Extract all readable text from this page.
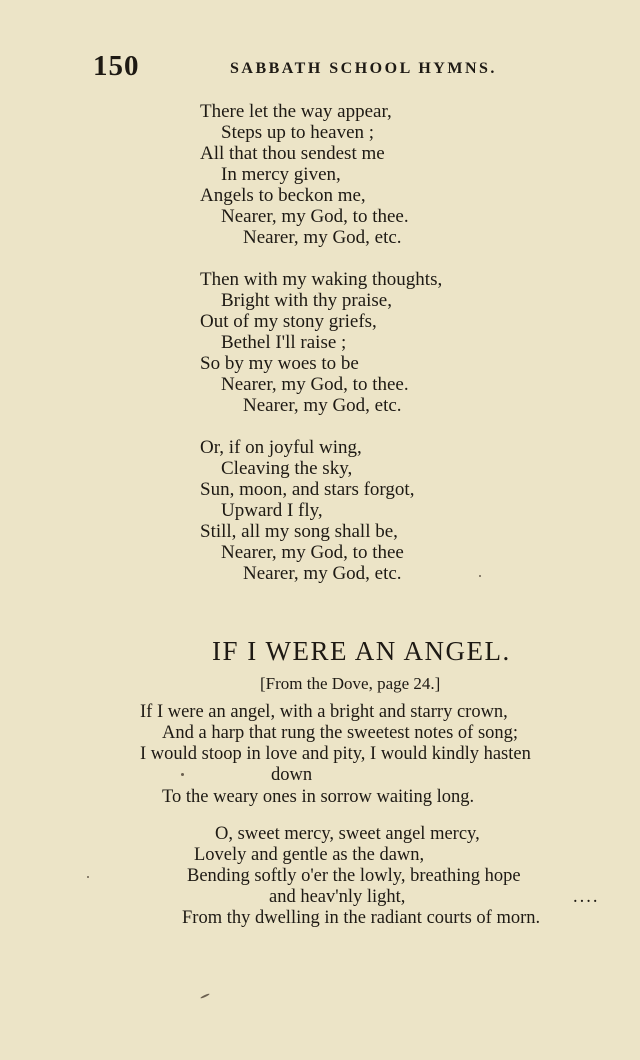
150	SABBATH SCHOOL HYMNS.
There let the way appear,
Steps up to heaven ;
All that thou sendest me
In mercy given,
Angels to beckon me,
Nearer, my God, to thee.
Nearer, my God, etc.
Then with my waking thoughts,
Bright with thy praise,
Out of my stony griefs,
Bethel I'll raise ;
So by my woes to be
Nearer, my God, to thee.
Nearer, my God, etc.
Or, if on joyful wing,
Cleaving the sky,
Sun, moon, and stars forgot,
Upward I fly,
Still, all my song shall be,
Nearer, my God, to thee
Nearer, my God, etc.
IF I WERE AN ANGEL.
[From the Dove, page 24.]
If I were an angel, with a bright and starry crown,
And a harp that rung the sweetest notes of song;
I would stoop in love and pity, I would kindly hasten
down
To the weary ones in sorrow waiting long.
O, sweet mercy, sweet angel mercy,
Lovely and gentle as the dawn,
Bending softly o'er the lowly, breathing hope
and heav'nly light,	....
From thy dwelling in the radiant courts of morn.
